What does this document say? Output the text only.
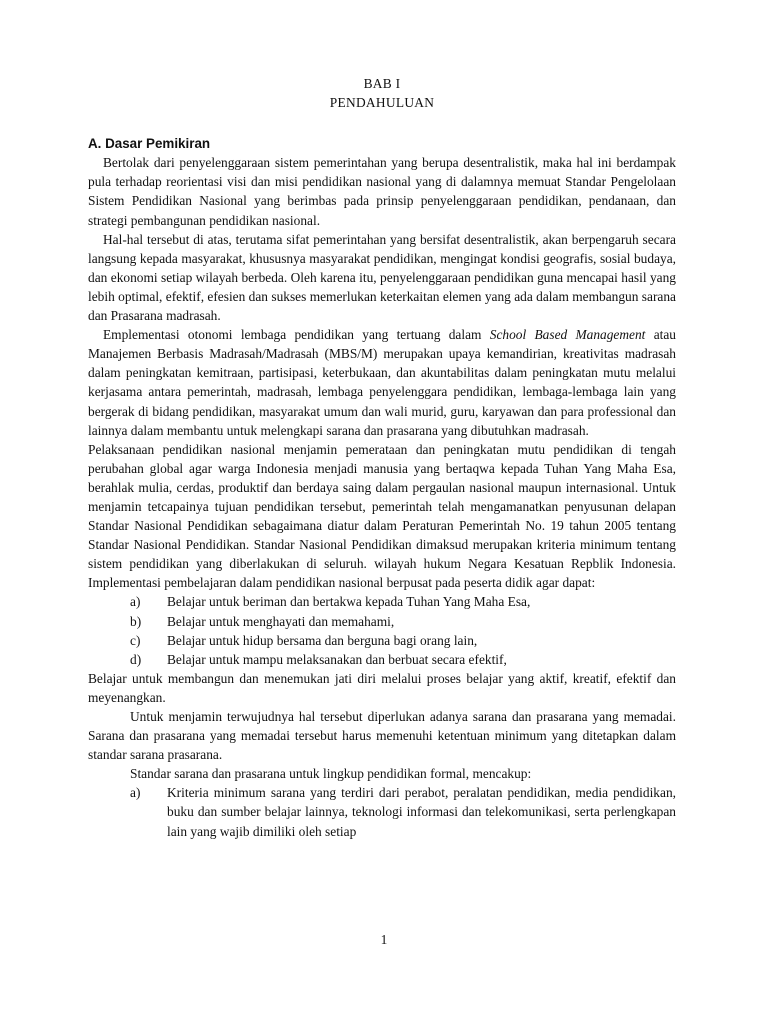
BAB I
PENDAHULUAN
A. Dasar Pemikiran

Bertolak dari penyelenggaraan sistem pemerintahan yang berupa desentralistik, maka hal ini berdampak pula terhadap reorientasi visi dan misi pendidikan nasional yang di dalamnya memuat Standar Pengelolaan Sistem Pendidikan Nasional yang berimbas pada prinsip penyelenggaraan pendidikan, pendanaan, dan strategi pembangunan pendidikan nasional.

Hal-hal tersebut di atas, terutama sifat pemerintahan yang bersifat desentralistik, akan berpengaruh secara langsung kepada masyarakat, khususnya masyarakat pendidikan, mengingat kondisi geografis, sosial budaya, dan ekonomi setiap wilayah berbeda. Oleh karena itu, penyelenggaraan pendidikan guna mencapai hasil yang lebih optimal, efektif, efesien dan sukses memerlukan keterkaitan elemen yang ada dalam membangun sarana dan Prasarana madrasah.

Emplementasi otonomi lembaga pendidikan yang tertuang dalam School Based Management atau Manajemen Berbasis Madrasah/Madrasah (MBS/M) merupakan upaya kemandirian, kreativitas madrasah dalam peningkatan kemitraan, partisipasi, keterbukaan, dan akuntabilitas dalam peningkatan mutu melalui kerjasama antara pemerintah, madrasah, lembaga penyelenggara pendidikan, lembaga-lembaga lain yang bergerak di bidang pendidikan, masyarakat umum dan wali murid, guru, karyawan dan para professional dan lainnya dalam membantu untuk melengkapi sarana dan prasarana yang dibutuhkan madrasah.

Pelaksanaan pendidikan nasional menjamin pemerataan dan peningkatan mutu pendidikan di tengah perubahan global agar warga Indonesia menjadi manusia yang bertaqwa kepada Tuhan Yang Maha Esa, berahlak mulia, cerdas, produktif dan berdaya saing dalam pergaulan nasional maupun internasional. Untuk menjamin tetcapainya tujuan pendidikan tersebut, pemerintah telah mengamanatkan penyusunan delapan Standar Nasional Pendidikan sebagaimana diatur dalam Peraturan Pemerintah No. 19 tahun 2005 tentang Standar Nasional Pendidikan. Standar Nasional Pendidikan dimaksud merupakan kriteria minimum tentang sistem pendidikan yang diberlakukan di seluruh. wilayah hukum Negara Kesatuan Repblik Indonesia. Implementasi pembelajaran dalam pendidikan nasional berpusat pada peserta didik agar dapat:

a)	Belajar untuk beriman dan bertakwa kepada Tuhan Yang Maha Esa,
b)	Belajar untuk menghayati dan memahami,
c)	Belajar untuk hidup bersama dan berguna bagi orang lain,
d)	Belajar untuk mampu melaksanakan dan berbuat secara efektif,

Belajar untuk membangun dan menemukan jati diri melalui proses belajar yang aktif, kreatif, efektif dan meyenangkan.

Untuk menjamin terwujudnya hal tersebut diperlukan adanya sarana dan prasarana yang memadai. Sarana dan prasarana yang memadai tersebut harus memenuhi ketentuan minimum yang ditetapkan dalam standar sarana prasarana.

Standar sarana dan prasarana untuk lingkup pendidikan formal, mencakup:

a)	Kriteria minimum sarana yang terdiri dari perabot, peralatan pendidikan, media pendidikan, buku dan sumber belajar lainnya, teknologi informasi dan telekomunikasi, serta perlengkapan lain yang wajib dimiliki oleh setiap
1
